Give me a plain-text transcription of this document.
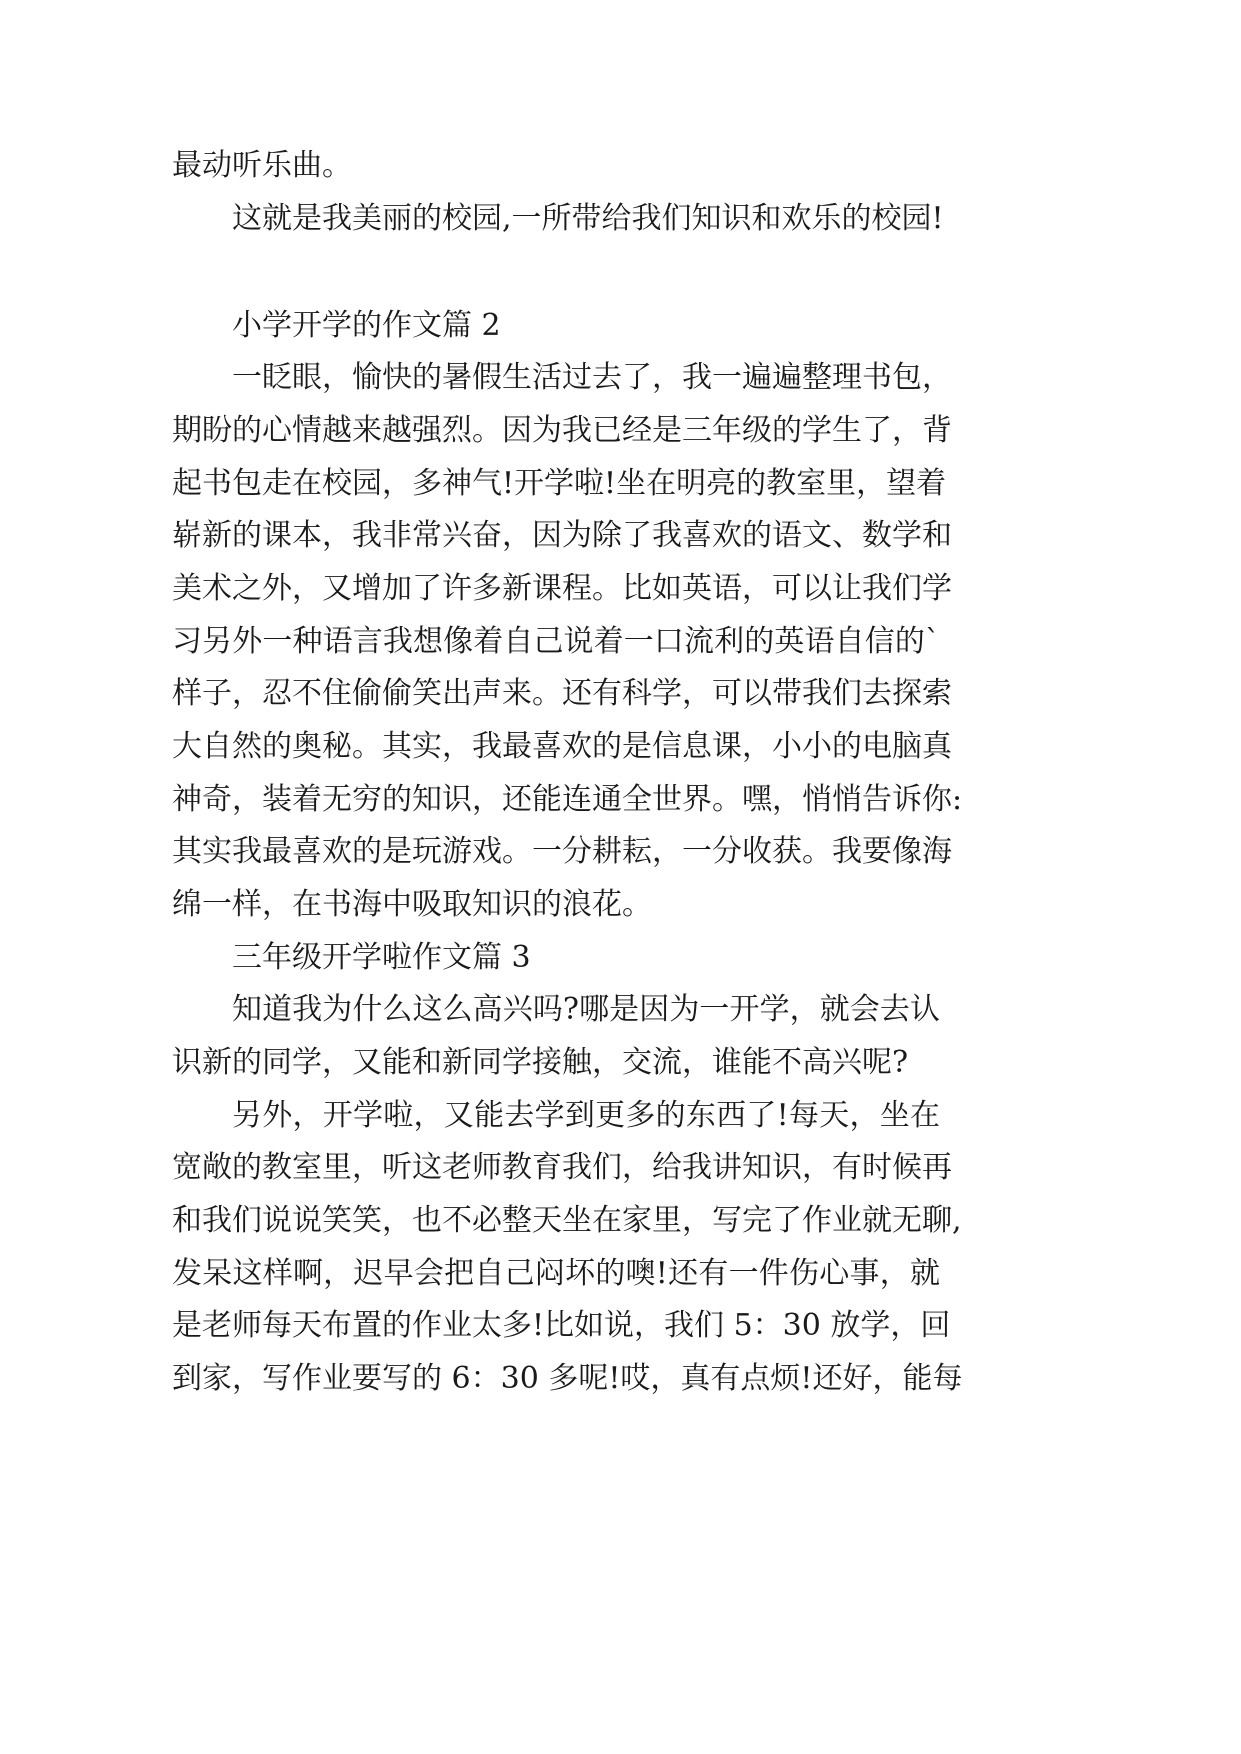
最动听乐曲。
这就是我美丽的校园,一所带给我们知识和欢乐的校园!
小学开学的作文篇 2
一眨眼，愉快的暑假生活过去了，我一遍遍整理书包，
期盼的心情越来越强烈。因为我已经是三年级的学生了，背
起书包走在校园，多神气!开学啦!坐在明亮的教室里，望着
崭新的课本，我非常兴奋，因为除了我喜欢的语文、数学和
美术之外，又增加了许多新课程。比如英语，可以让我们学
习另外一种语言我想像着自己说着一口流利的英语自信的`
样子，忍不住偷偷笑出声来。还有科学，可以带我们去探索
大自然的奥秘。其实，我最喜欢的是信息课，小小的电脑真
神奇，装着无穷的知识，还能连通全世界。嘿，悄悄告诉你:
其实我最喜欢的是玩游戏。一分耕耘，一分收获。我要像海
绵一样，在书海中吸取知识的浪花。
三年级开学啦作文篇 3
知道我为什么这么高兴吗?哪是因为一开学，就会去认
识新的同学，又能和新同学接触，交流，谁能不高兴呢?
另外，开学啦，又能去学到更多的东西了!每天，坐在
宽敞的教室里，听这老师教育我们，给我讲知识，有时候再
和我们说说笑笑，也不必整天坐在家里，写完了作业就无聊,
发呆这样啊，迟早会把自己闷坏的噢!还有一件伤心事，就
是老师每天布置的作业太多!比如说，我们 5：30 放学，回
到家，写作业要写的 6：30 多呢!哎，真有点烦!还好，能每
